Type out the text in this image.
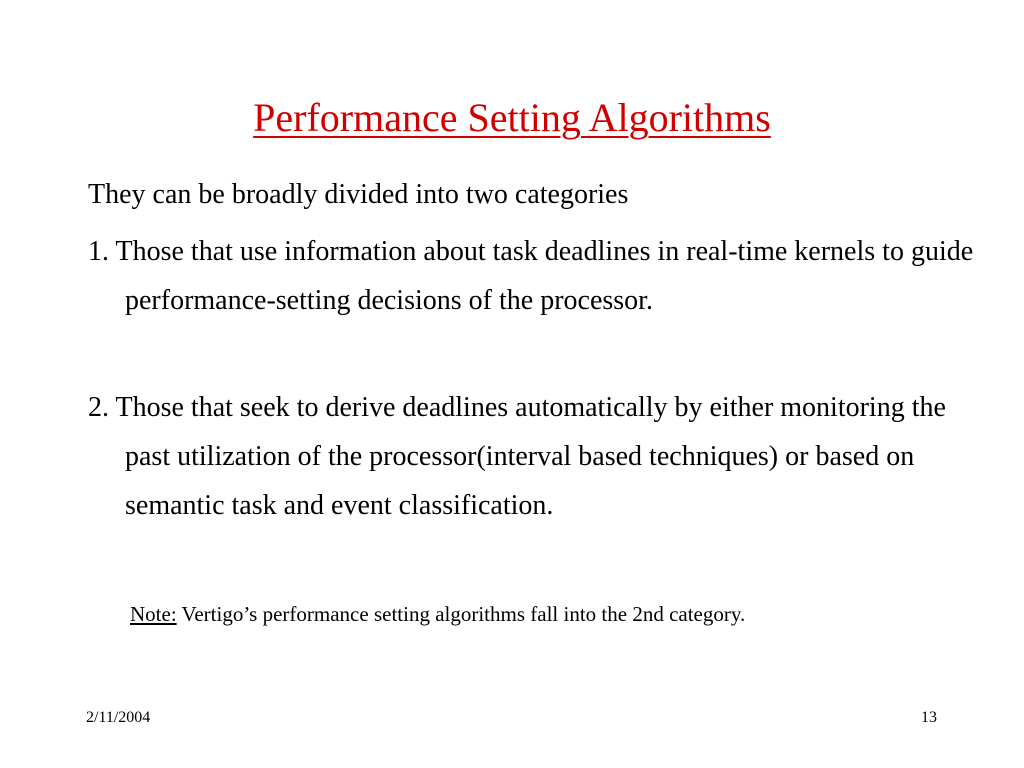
Performance Setting Algorithms

They can be broadly divided into two categories

1. Those that use information about task deadlines in real-time kernels to guide performance-setting decisions of the processor.

2. Those that seek to derive deadlines automatically by either monitoring the past utilization of the processor(interval based techniques) or based on semantic task and event classification.

Note: Vertigo’s performance setting algorithms fall into the 2nd category.

2/11/2004	13
